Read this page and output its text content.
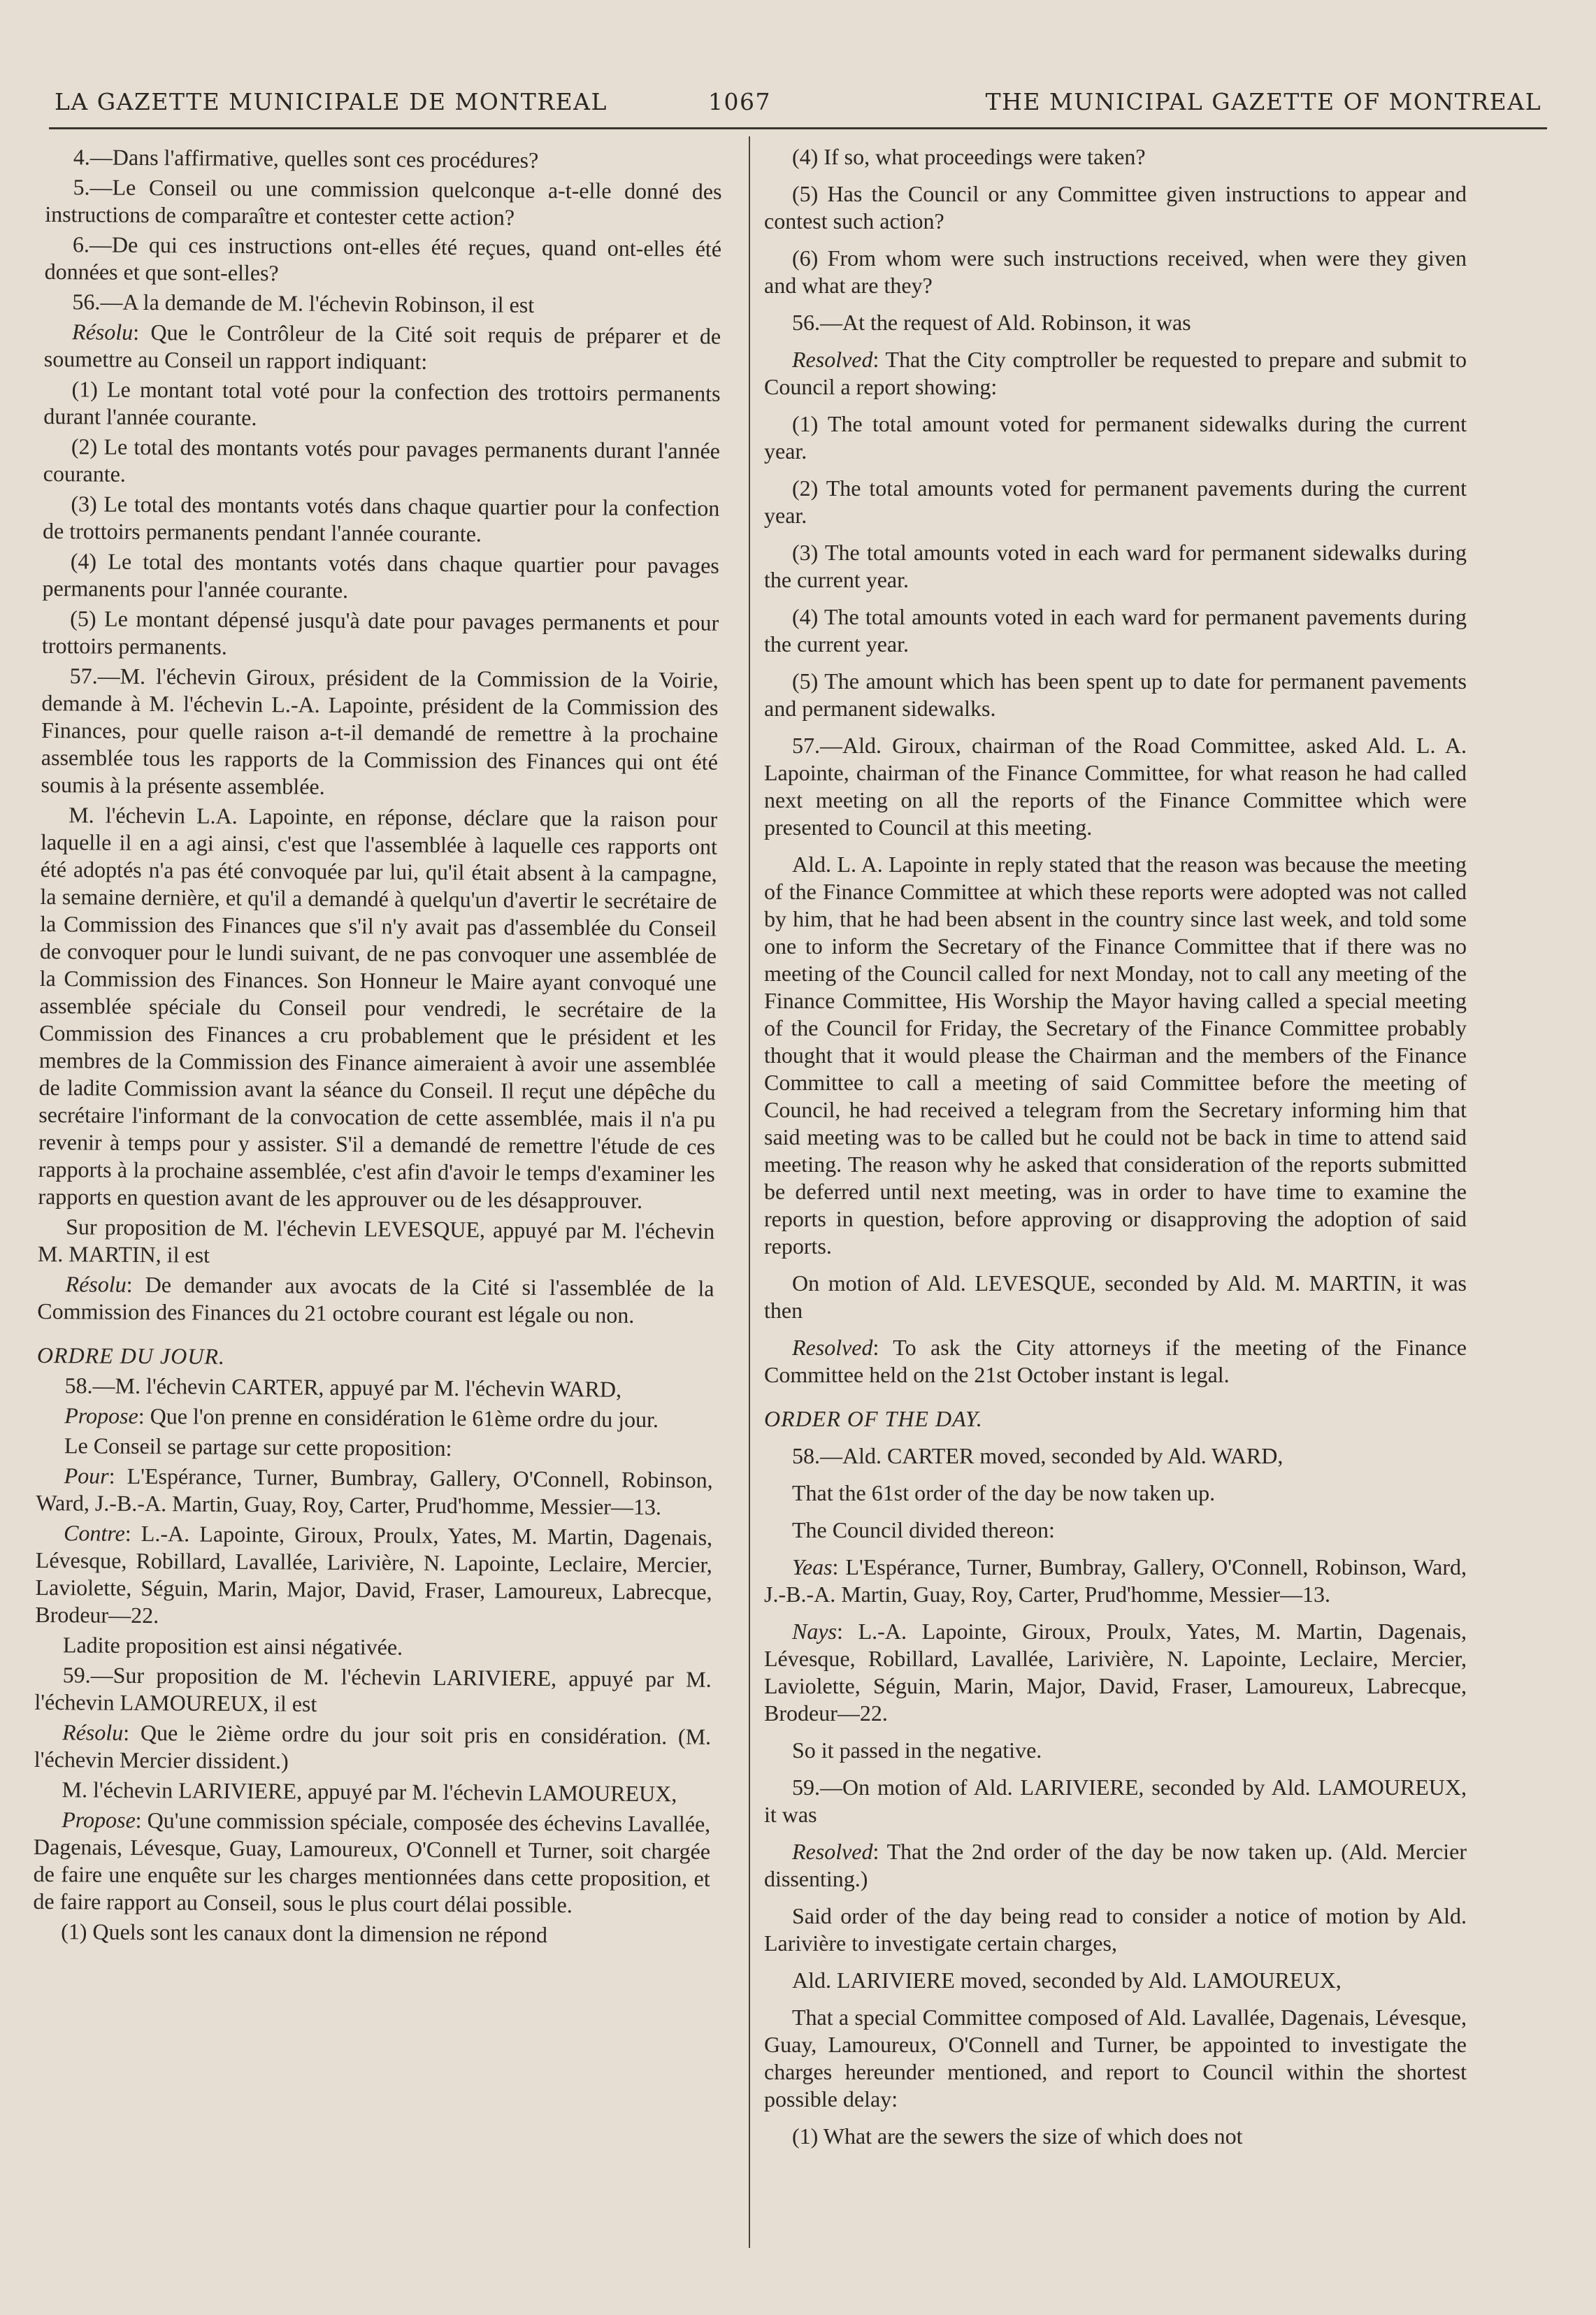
LA GAZETTE MUNICIPALE DE MONTREAL	1067	THE MUNICIPAL GAZETTE OF MONTREAL

4.—Dans l'affirmative, quelles sont ces procédures?

5.—Le Conseil ou une commission quelconque a-t-elle donné des instructions de comparaître et contester cette action?

6.—De qui ces instructions ont-elles été reçues, quand ont-elles été données et que sont-elles?

56.—A la demande de M. l'échevin Robinson, il est

Résolu: Que le Contrôleur de la Cité soit requis de préparer et de soumettre au Conseil un rapport indiquant:

(1) Le montant total voté pour la confection des trottoirs permanents durant l'année courante.

(2) Le total des montants votés pour pavages permanents durant l'année courante.

(3) Le total des montants votés dans chaque quartier pour la confection de trottoirs permanents pendant l'année courante.

(4) Le total des montants votés dans chaque quartier pour pavages permanents pour l'année courante.

(5) Le montant dépensé jusqu'à date pour pavages permanents et pour trottoirs permanents.

57.—M. l'échevin Giroux, président de la Commission de la Voirie, demande à M. l'échevin L.-A. Lapointe, président de la Commission des Finances, pour quelle raison a-t-il demandé de remettre à la prochaine assemblée tous les rapports de la Commission des Finances qui ont été soumis à la présente assemblée.

M. l'échevin L.A. Lapointe, en réponse, déclare que la raison pour laquelle il en a agi ainsi, c'est que l'assemblée à laquelle ces rapports ont été adoptés n'a pas été convoquée par lui, qu'il était absent à la campagne, la semaine dernière, et qu'il a demandé à quelqu'un d'avertir le secrétaire de la Commission des Finances que s'il n'y avait pas d'assemblée du Conseil de convoquer pour le lundi suivant, de ne pas convoquer une assemblée de la Commission des Finances. Son Honneur le Maire ayant convoqué une assemblée spéciale du Conseil pour vendredi, le secrétaire de la Commission des Finances a cru probablement que le président et les membres de la Commission des Finance aimeraient à avoir une assemblée de ladite Commission avant la séance du Conseil. Il reçut une dépêche du secrétaire l'informant de la convocation de cette assemblée, mais il n'a pu revenir à temps pour y assister. S'il a demandé de remettre l'étude de ces rapports à la prochaine assemblée, c'est afin d'avoir le temps d'examiner les rapports en question avant de les approuver ou de les désapprouver.

Sur proposition de M. l'échevin LEVESQUE, appuyé par M. l'échevin M. MARTIN, il est

Résolu: De demander aux avocats de la Cité si l'assemblée de la Commission des Finances du 21 octobre courant est légale ou non.

ORDRE DU JOUR.

58.—M. l'échevin CARTER, appuyé par M. l'échevin WARD,

Propose: Que l'on prenne en considération le 61ème ordre du jour.

Le Conseil se partage sur cette proposition:

Pour: L'Espérance, Turner, Bumbray, Gallery, O'Connell, Robinson, Ward, J.-B.-A. Martin, Guay, Roy, Carter, Prud'homme, Messier—13.

Contre: L.-A. Lapointe, Giroux, Proulx, Yates, M. Martin, Dagenais, Lévesque, Robillard, Lavallée, Larivière, N. Lapointe, Leclaire, Mercier, Laviolette, Séguin, Marin, Major, David, Fraser, Lamoureux, Labrecque, Brodeur—22.

Ladite proposition est ainsi négativée.

59.—Sur proposition de M. l'échevin LARIVIERE, appuyé par M. l'échevin LAMOUREUX, il est

Résolu: Que le 2ième ordre du jour soit pris en considération. (M. l'échevin Mercier dissident.)

M. l'échevin LARIVIERE, appuyé par M. l'échevin LAMOUREUX,

Propose: Qu'une commission spéciale, composée des échevins Lavallée, Dagenais, Lévesque, Guay, Lamoureux, O'Connell et Turner, soit chargée de faire une enquête sur les charges mentionnées dans cette proposition, et de faire rapport au Conseil, sous le plus court délai possible.

(1) Quels sont les canaux dont la dimension ne répond

(4) If so, what proceedings were taken?

(5) Has the Council or any Committee given instructions to appear and contest such action?

(6) From whom were such instructions received, when were they given and what are they?

56.—At the request of Ald. Robinson, it was

Resolved: That the City comptroller be requested to prepare and submit to Council a report showing:

(1) The total amount voted for permanent sidewalks during the current year.

(2) The total amounts voted for permanent pavements during the current year.

(3) The total amounts voted in each ward for permanent sidewalks during the current year.

(4) The total amounts voted in each ward for permanent pavements during the current year.

(5) The amount which has been spent up to date for permanent pavements and permanent sidewalks.

57.—Ald. Giroux, chairman of the Road Committee, asked Ald. L. A. Lapointe, chairman of the Finance Committee, for what reason he had called next meeting on all the reports of the Finance Committee which were presented to Council at this meeting.

Ald. L. A. Lapointe in reply stated that the reason was because the meeting of the Finance Committee at which these reports were adopted was not called by him, that he had been absent in the country since last week, and told some one to inform the Secretary of the Finance Committee that if there was no meeting of the Council called for next Monday, not to call any meeting of the Finance Committee, His Worship the Mayor having called a special meeting of the Council for Friday, the Secretary of the Finance Committee probably thought that it would please the Chairman and the members of the Finance Committee to call a meeting of said Committee before the meeting of Council, he had received a telegram from the Secretary informing him that said meeting was to be called but he could not be back in time to attend said meeting. The reason why he asked that consideration of the reports submitted be deferred until next meeting, was in order to have time to examine the reports in question, before approving or disapproving the adoption of said reports.

On motion of Ald. LEVESQUE, seconded by Ald. M. MARTIN, it was then

Resolved: To ask the City attorneys if the meeting of the Finance Committee held on the 21st October instant is legal.

ORDER OF THE DAY.

58.—Ald. CARTER moved, seconded by Ald. WARD,

That the 61st order of the day be now taken up.

The Council divided thereon:

Yeas: L'Espérance, Turner, Bumbray, Gallery, O'Connell, Robinson, Ward, J.-B.-A. Martin, Guay, Roy, Carter, Prud'homme, Messier—13.

Nays: L.-A. Lapointe, Giroux, Proulx, Yates, M. Martin, Dagenais, Lévesque, Robillard, Lavallée, Larivière, N. Lapointe, Leclaire, Mercier, Laviolette, Séguin, Marin, Major, David, Fraser, Lamoureux, Labrecque, Brodeur—22.

So it passed in the negative.

59.—On motion of Ald. LARIVIERE, seconded by Ald. LAMOUREUX, it was

Resolved: That the 2nd order of the day be now taken up. (Ald. Mercier dissenting.)

Said order of the day being read to consider a notice of motion by Ald. Larivière to investigate certain charges,

Ald. LARIVIERE moved, seconded by Ald. LAMOUREUX,

That a special Committee composed of Ald. Lavallée, Dagenais, Lévesque, Guay, Lamoureux, O'Connell and Turner, be appointed to investigate the charges hereunder mentioned, and report to Council within the shortest possible delay:

(1) What are the sewers the size of which does not
